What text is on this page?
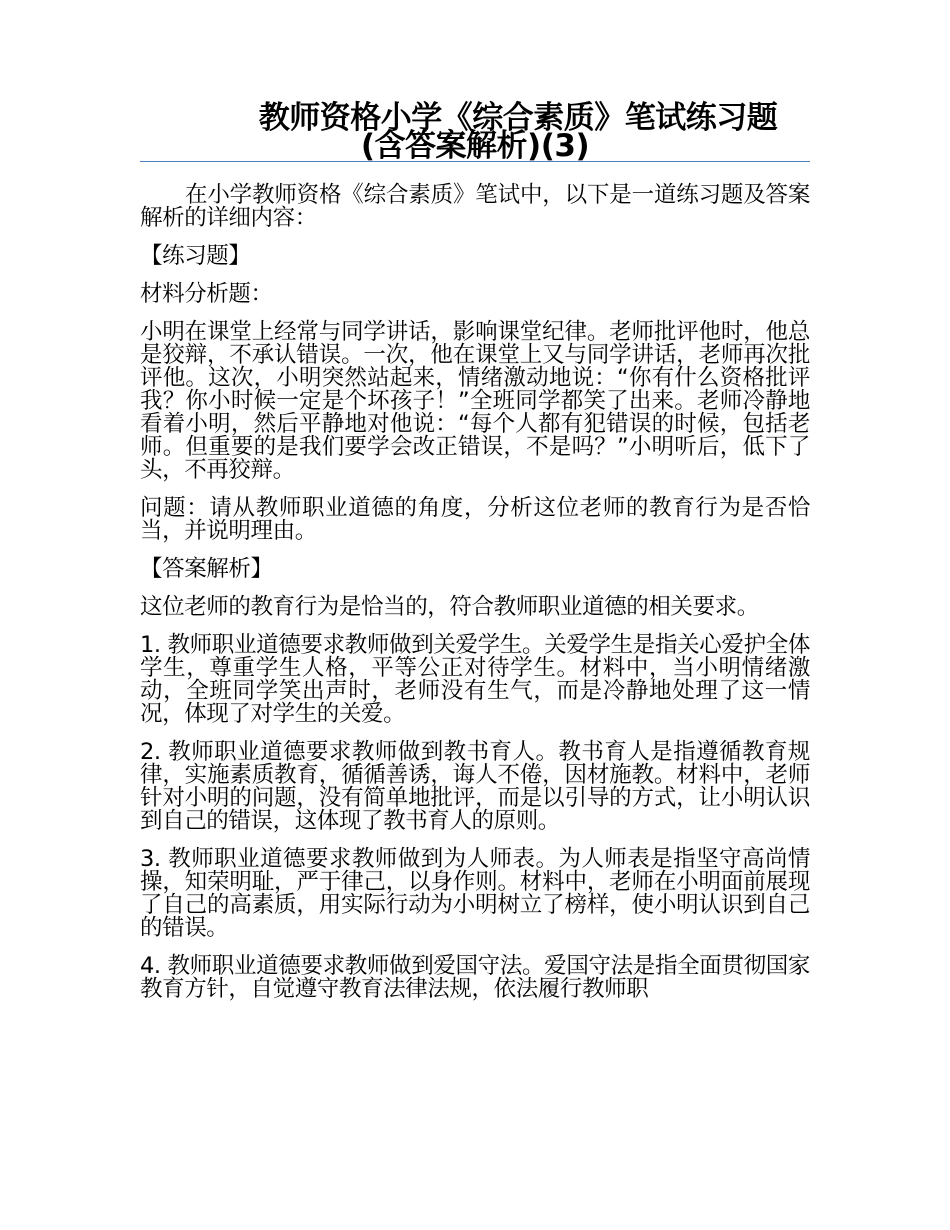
教师资格小学《综合素质》笔试练习题
(含答案解析)(3)

在小学教师资格《综合素质》笔试中，以下是一道练习题及答案解析的详细内容：

【练习题】

材料分析题：

小明在课堂上经常与同学讲话，影响课堂纪律。老师批评他时，他总是狡辩，不承认错误。一次，他在课堂上又与同学讲话，老师再次批评他。这次，小明突然站起来，情绪激动地说：“你有什么资格批评我？你小时候一定是个坏孩子！”全班同学都笑了出来。老师冷静地看着小明，然后平静地对他说：“每个人都有犯错误的时候，包括老师。但重要的是我们要学会改正错误，不是吗？”小明听后，低下了头，不再狡辩。

问题：请从教师职业道德的角度，分析这位老师的教育行为是否恰当，并说明理由。

【答案解析】

这位老师的教育行为是恰当的，符合教师职业道德的相关要求。

1. 教师职业道德要求教师做到关爱学生。关爱学生是指关心爱护全体学生，尊重学生人格，平等公正对待学生。材料中，当小明情绪激动，全班同学笑出声时，老师没有生气，而是冷静地处理了这一情况，体现了对学生的关爱。

2. 教师职业道德要求教师做到教书育人。教书育人是指遵循教育规律，实施素质教育，循循善诱，诲人不倦，因材施教。材料中，老师针对小明的问题，没有简单地批评，而是以引导的方式，让小明认识到自己的错误，这体现了教书育人的原则。

3. 教师职业道德要求教师做到为人师表。为人师表是指坚守高尚情操，知荣明耻，严于律己，以身作则。材料中，老师在小明面前展现了自己的高素质，用实际行动为小明树立了榜样，使小明认识到自己的错误。

4. 教师职业道德要求教师做到爱国守法。爱国守法是指全面贯彻国家教育方针，自觉遵守教育法律法规，依法履行教师职
